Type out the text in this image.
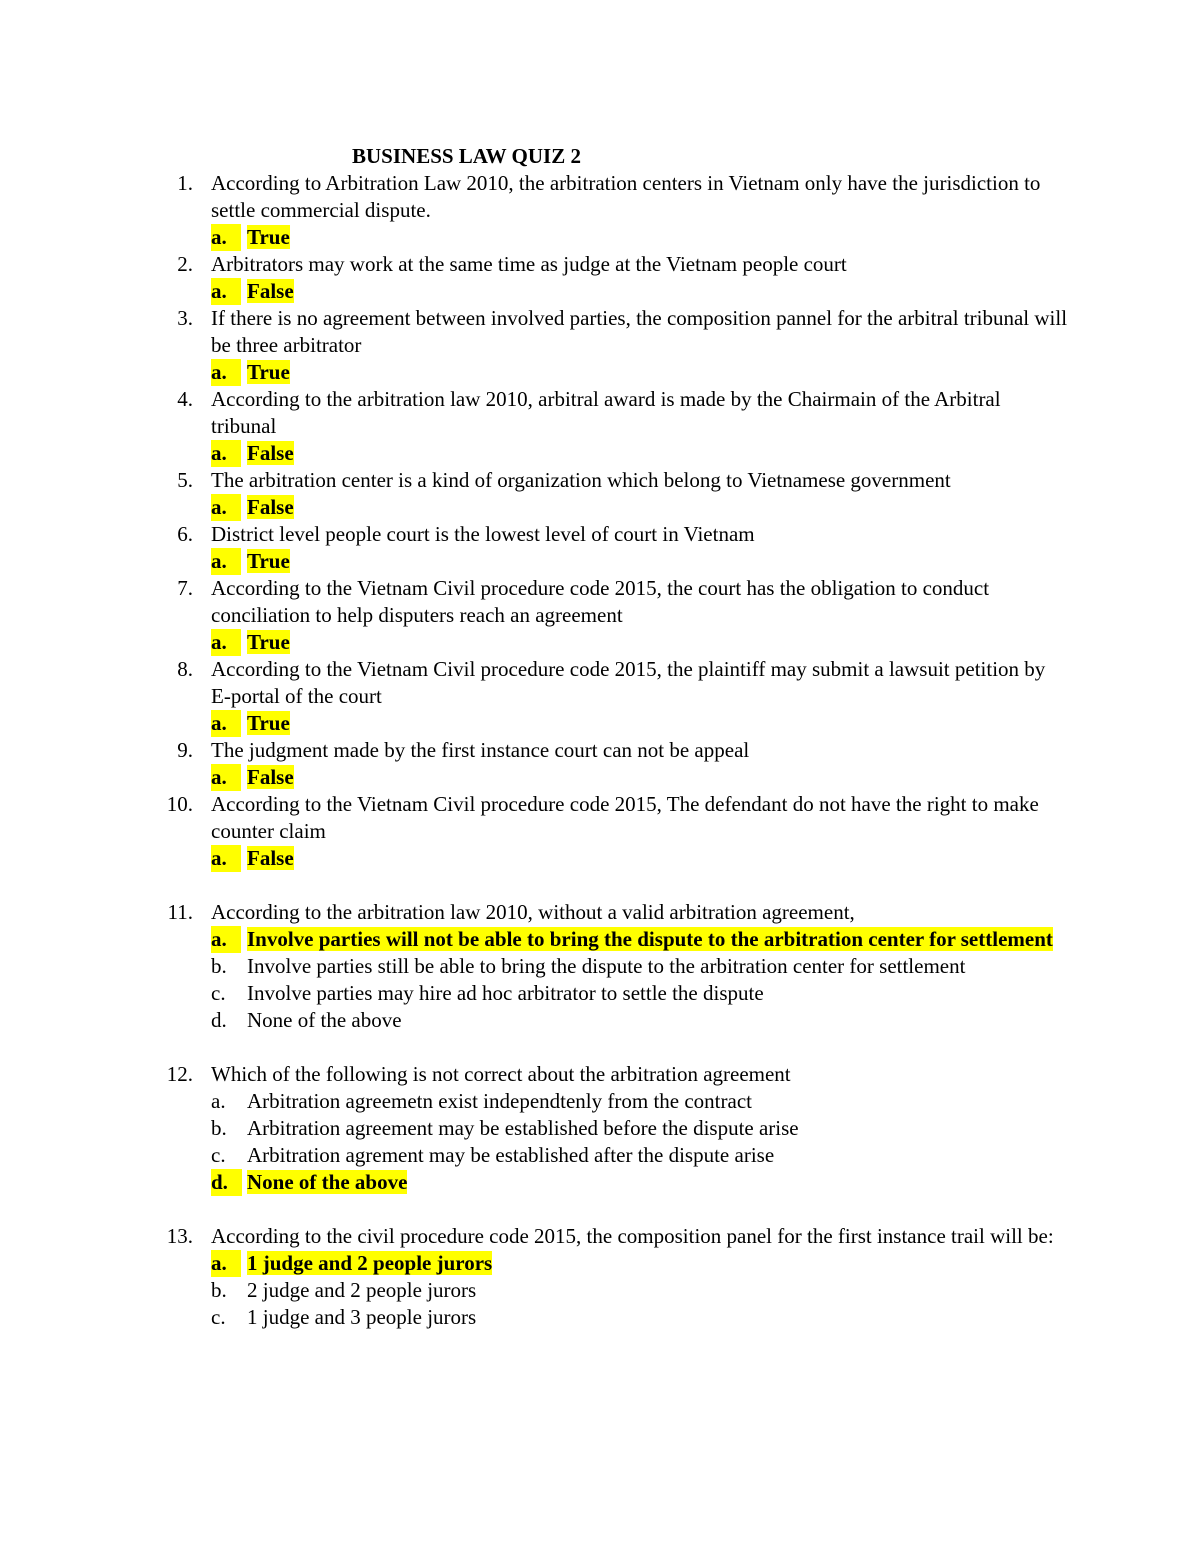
BUSINESS LAW QUIZ 2
1. According to Arbitration Law 2010, the arbitration centers in Vietnam only have the jurisdiction to settle commercial dispute.
a. True
2. Arbitrators may work at the same time as judge at the Vietnam people court
a. False
3. If there is no agreement between involved parties, the composition pannel for the arbitral tribunal will be three arbitrator
a. True
4. According to the arbitration law 2010, arbitral award is made by the Chairmain of the Arbitral tribunal
a. False
5. The arbitration center is a kind of organization which belong to Vietnamese government
a. False
6. District level people court is the lowest level of court in Vietnam
a. True
7. According to the Vietnam Civil procedure code 2015, the court has the obligation to conduct conciliation to help disputers reach an agreement
a. True
8. According to the Vietnam Civil procedure code 2015, the plaintiff may submit a lawsuit petition by E-portal of the court
a. True
9. The judgment made by the first instance court can not be appeal
a. False
10. According to the Vietnam Civil procedure code 2015, The defendant do not have the right to make counter claim
a. False
11. According to the arbitration law 2010, without a valid arbitration agreement,
a. Involve parties will not be able to bring the dispute to the arbitration center for settlement
b. Involve parties still be able to bring the dispute to the arbitration center for settlement
c. Involve parties may hire ad hoc arbitrator to settle the dispute
d. None of the above
12. Which of the following is not correct about the arbitration agreement
a. Arbitration agreemetn exist independtenly from the contract
b. Arbitration agreement may be established before the dispute arise
c. Arbitration agrement may be established after the dispute arise
d. None of the above
13. According to the civil procedure code 2015, the composition panel for the first instance trail will be:
a. 1 judge and 2 people jurors
b. 2 judge and 2 people jurors
c. 1 judge and 3 people jurors
